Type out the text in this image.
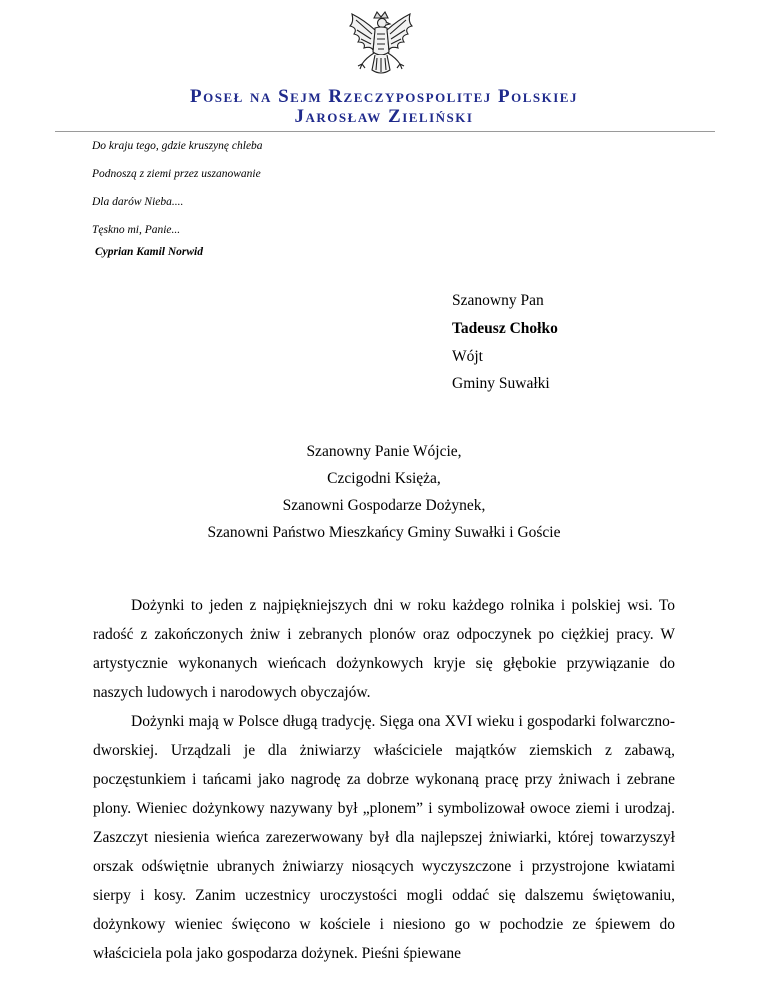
Poseł na Sejm Rzeczypospolitej Polskiej
Jarosław Zieliński
Do kraju tego, gdzie kruszynę chleba
Podnoszą z ziemi przez uszanowanie
Dla darów Nieba....
Tęskno mi, Panie...
Cyprian Kamil Norwid
Szanowny Pan
Tadeusz Chołko
Wójt
Gminy Suwałki
Szanowny Panie Wójcie,
Czcigodni Księża,
Szanowni Gospodarze Dożynek,
Szanowni Państwo Mieszkańcy Gminy Suwałki i Goście

Dożynki to jeden z najpiękniejszych dni w roku każdego rolnika i polskiej wsi. To radość z zakończonych żniw i zebranych plonów oraz odpoczynek po ciężkiej pracy. W artystycznie wykonanych wieńcach dożynkowych kryje się głębokie przywiązanie do naszych ludowych i narodowych obyczajów.

Dożynki mają w Polsce długą tradycję. Sięga ona XVI wieku i gospodarki folwarczno-dworskiej. Urządzali je dla żniwiarzy właściciele majątków ziemskich z zabawą, poczęstunkiem i tańcami jako nagrodę za dobrze wykonaną pracę przy żniwach i zebrane plony. Wieniec dożynkowy nazywany był „plonem” i symbolizował owoce ziemi i urodzaj. Zaszczyt niesienia wieńca zarezerwowany był dla najlepszej żniwiarki, której towarzyszył orszak odświętnie ubranych żniwiarzy niosących wyczyszczone i przystrojone kwiatami sierpy i kosy. Zanim uczestnicy uroczystości mogli oddać się dalszemu świętowaniu, dożynkowy wieniec święcono w kościele i niesiono go w pochodzie ze śpiewem do właściciela pola jako gospodarza dożynek. Pieśni śpiewane
